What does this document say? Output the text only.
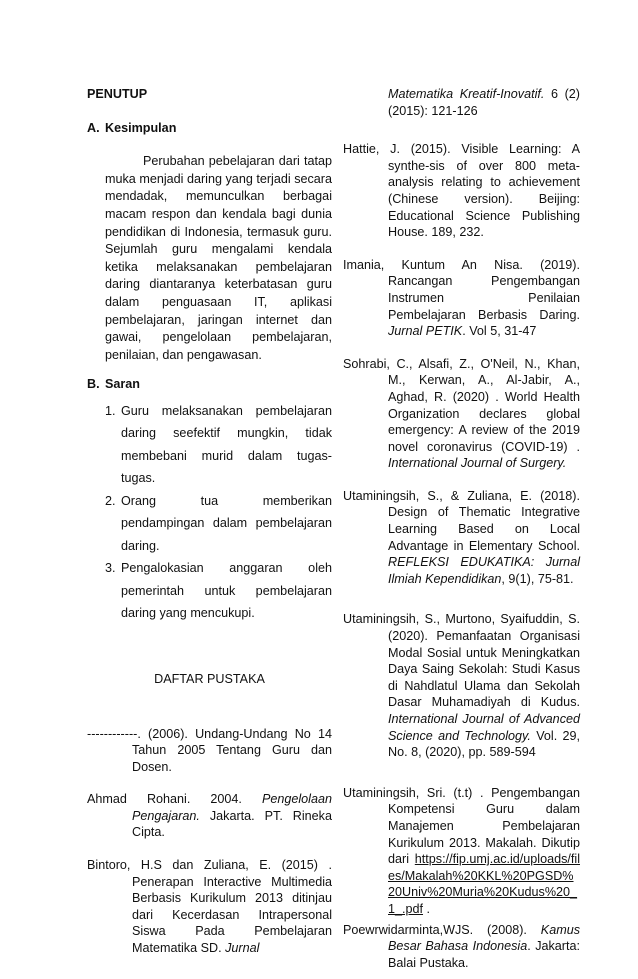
PENUTUP

A. Kesimpulan

Perubahan pebelajaran dari tatap muka menjadi daring yang terjadi secara mendadak, memunculkan berbagai macam respon dan kendala bagi dunia pendidikan di Indonesia, termasuk guru. Sejumlah guru mengalami kendala ketika melaksanakan pembelajaran daring diantaranya keterbatasan guru dalam penguasaan IT, aplikasi pembelajaran, jaringan internet dan gawai, pengelolaan pembelajaran, penilaian, dan pengawasan.

B. Saran

1. Guru melaksanakan pembelajaran daring seefektif mungkin, tidak membebani murid dalam tugas-tugas.
2. Orang tua memberikan pendampingan dalam pembelajaran daring.
3. Pengalokasian anggaran oleh pemerintah untuk pembelajaran daring yang mencukupi.

DAFTAR PUSTAKA

------------. (2006). Undang-Undang No 14 Tahun 2005 Tentang Guru dan Dosen.

Ahmad Rohani. 2004. Pengelolaan Pengajaran. Jakarta. PT. Rineka Cipta.

Bintoro, H.S dan Zuliana, E. (2015) . Penerapan Interactive Multimedia Berbasis Kurikulum 2013 ditinjau dari Kecerdasan Intrapersonal Siswa Pada Pembelajaran Matematika SD. Jurnal

Matematika Kreatif-Inovatif. 6 (2) (2015): 121-126

Hattie, J. (2015). Visible Learning: A synthe-sis of over 800 meta-analysis relating to achievement (Chinese version). Beijing: Educational Science Publishing House. 189, 232.

Imania, Kuntum An Nisa. (2019). Rancangan Pengembangan Instrumen Penilaian Pembelajaran Berbasis Daring. Jurnal PETIK. Vol 5, 31-47

Sohrabi, C., Alsafi, Z., O'Neil, N., Khan, M., Kerwan, A., Al-Jabir, A., Aghad, R. (2020) . World Health Organization declares global emergency: A review of the 2019 novel coronavirus (COVID-19) . International Journal of Surgery.

Utaminingsih, S., & Zuliana, E. (2018). Design of Thematic Integrative Learning Based on Local Advantage in Elementary School. REFLEKSI EDUKATIKA: Jurnal Ilmiah Kependidikan, 9(1), 75-81.

Utaminingsih, S., Murtono, Syaifuddin, S. (2020). Pemanfaatan Organisasi Modal Sosial untuk Meningkatkan Daya Saing Sekolah: Studi Kasus di Nahdlatul Ulama dan Sekolah Dasar Muhamadiyah di Kudus. International Journal of Advanced Science and Technology. Vol. 29, No. 8, (2020), pp. 589-594

Utaminingsih, Sri. (t.t) . Pengembangan Kompetensi Guru dalam Manajemen Pembelajaran Kurikulum 2013. Makalah. Dikutip dari https://fip.umj.ac.id/uploads/files/Makalah%20KKL%20PGSD%20Univ%20Muria%20Kudus%20_1_.pdf .

Poewrwidarminta,WJS. (2008). Kamus Besar Bahasa Indonesia. Jakarta: Balai Pustaka.
